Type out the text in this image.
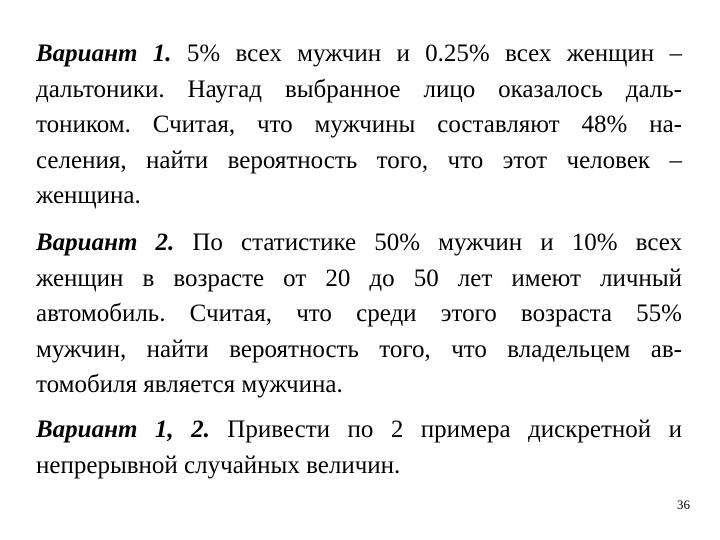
Вариант 1. 5% всех мужчин и 0.25% всех женщин –
дальтоники. Наугад выбранное лицо оказалось даль-
тоником. Считая, что мужчины составляют 48% на-
селения, найти вероятность того, что этот человек –
женщина.

Вариант 2. По статистике 50% мужчин и 10% всех
женщин в возрасте от 20 до 50 лет имеют личный
автомобиль. Считая, что среди этого возраста 55%
мужчин, найти вероятность того, что владельцем ав-
томобиля является мужчина.

Вариант 1, 2. Привести по 2 примера дискретной и
непрерывной случайных величин.

36
